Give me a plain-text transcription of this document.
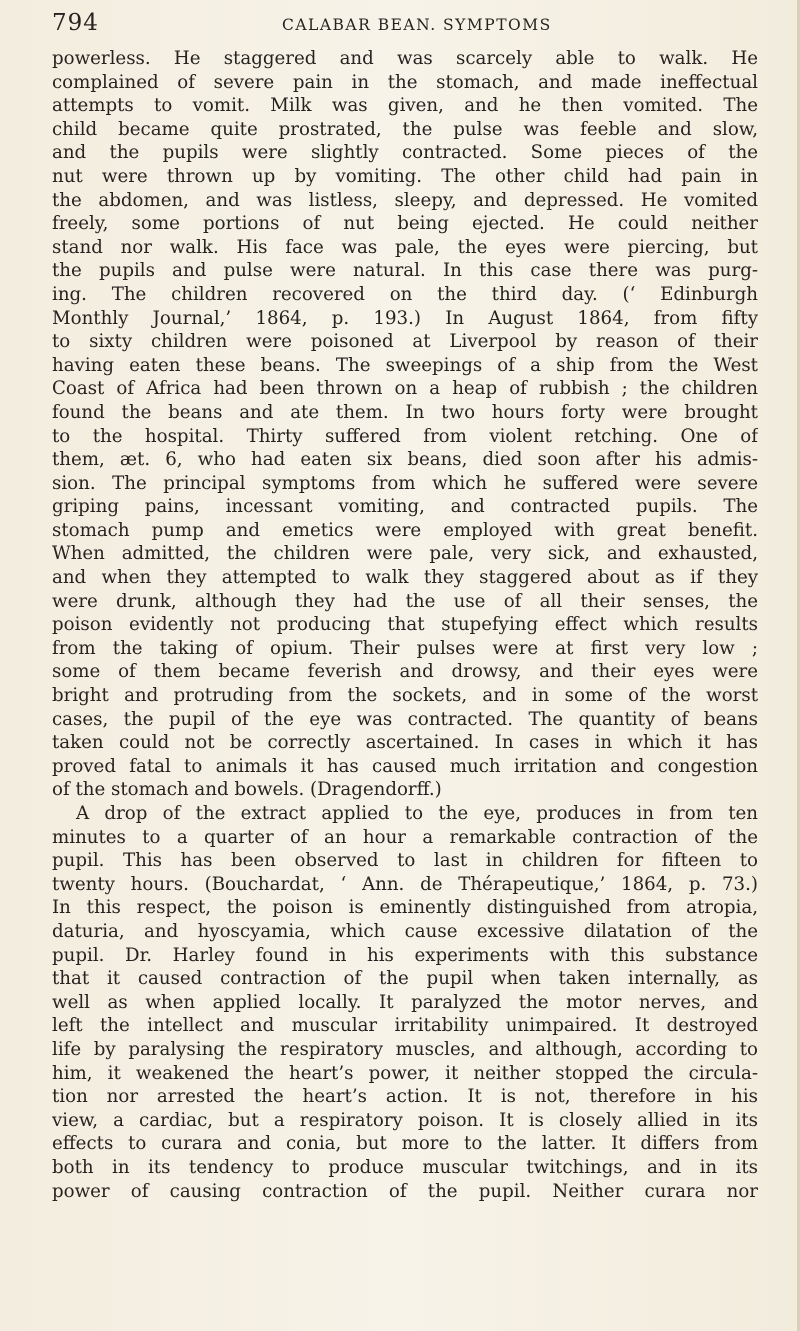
794	CALABAR BEAN. SYMPTOMS
powerless. He staggered and was scarcely able to walk. He
complained of severe pain in the stomach, and made ineffectual
attempts to vomit. Milk was given, and he then vomited. The
child became quite prostrated, the pulse was feeble and slow,
and the pupils were slightly contracted. Some pieces of the
nut were thrown up by vomiting. The other child had pain in
the abdomen, and was listless, sleepy, and depressed. He vomited
freely, some portions of nut being ejected. He could neither
stand nor walk. His face was pale, the eyes were piercing, but
the pupils and pulse were natural. In this case there was purg-
ing. The children recovered on the third day. (‘ Edinburgh
Monthly Journal,’ 1864, p. 193.) In August 1864, from fifty
to sixty children were poisoned at Liverpool by reason of their
having eaten these beans. The sweepings of a ship from the West
Coast of Africa had been thrown on a heap of rubbish ; the children
found the beans and ate them. In two hours forty were brought
to the hospital. Thirty suffered from violent retching. One of
them, æt. 6, who had eaten six beans, died soon after his admis-
sion. The principal symptoms from which he suffered were severe
griping pains, incessant vomiting, and contracted pupils. The
stomach pump and emetics were employed with great benefit.
When admitted, the children were pale, very sick, and exhausted,
and when they attempted to walk they staggered about as if they
were drunk, although they had the use of all their senses, the
poison evidently not producing that stupefying effect which results
from the taking of opium. Their pulses were at first very low ;
some of them became feverish and drowsy, and their eyes were
bright and protruding from the sockets, and in some of the worst
cases, the pupil of the eye was contracted. The quantity of beans
taken could not be correctly ascertained. In cases in which it has
proved fatal to animals it has caused much irritation and congestion
of the stomach and bowels. (Dragendorff.)
A drop of the extract applied to the eye, produces in from ten
minutes to a quarter of an hour a remarkable contraction of the
pupil. This has been observed to last in children for fifteen to
twenty hours. (Bouchardat, ‘ Ann. de Thérapeutique,’ 1864, p. 73.)
In this respect, the poison is eminently distinguished from atropia,
daturia, and hyoscyamia, which cause excessive dilatation of the
pupil. Dr. Harley found in his experiments with this substance
that it caused contraction of the pupil when taken internally, as
well as when applied locally. It paralyzed the motor nerves, and
left the intellect and muscular irritability unimpaired. It destroyed
life by paralysing the respiratory muscles, and although, according to
him, it weakened the heart’s power, it neither stopped the circula-
tion nor arrested the heart’s action. It is not, therefore in his
view, a cardiac, but a respiratory poison. It is closely allied in its
effects to curara and conia, but more to the latter. It differs from
both in its tendency to produce muscular twitchings, and in its
power of causing contraction of the pupil. Neither curara nor
